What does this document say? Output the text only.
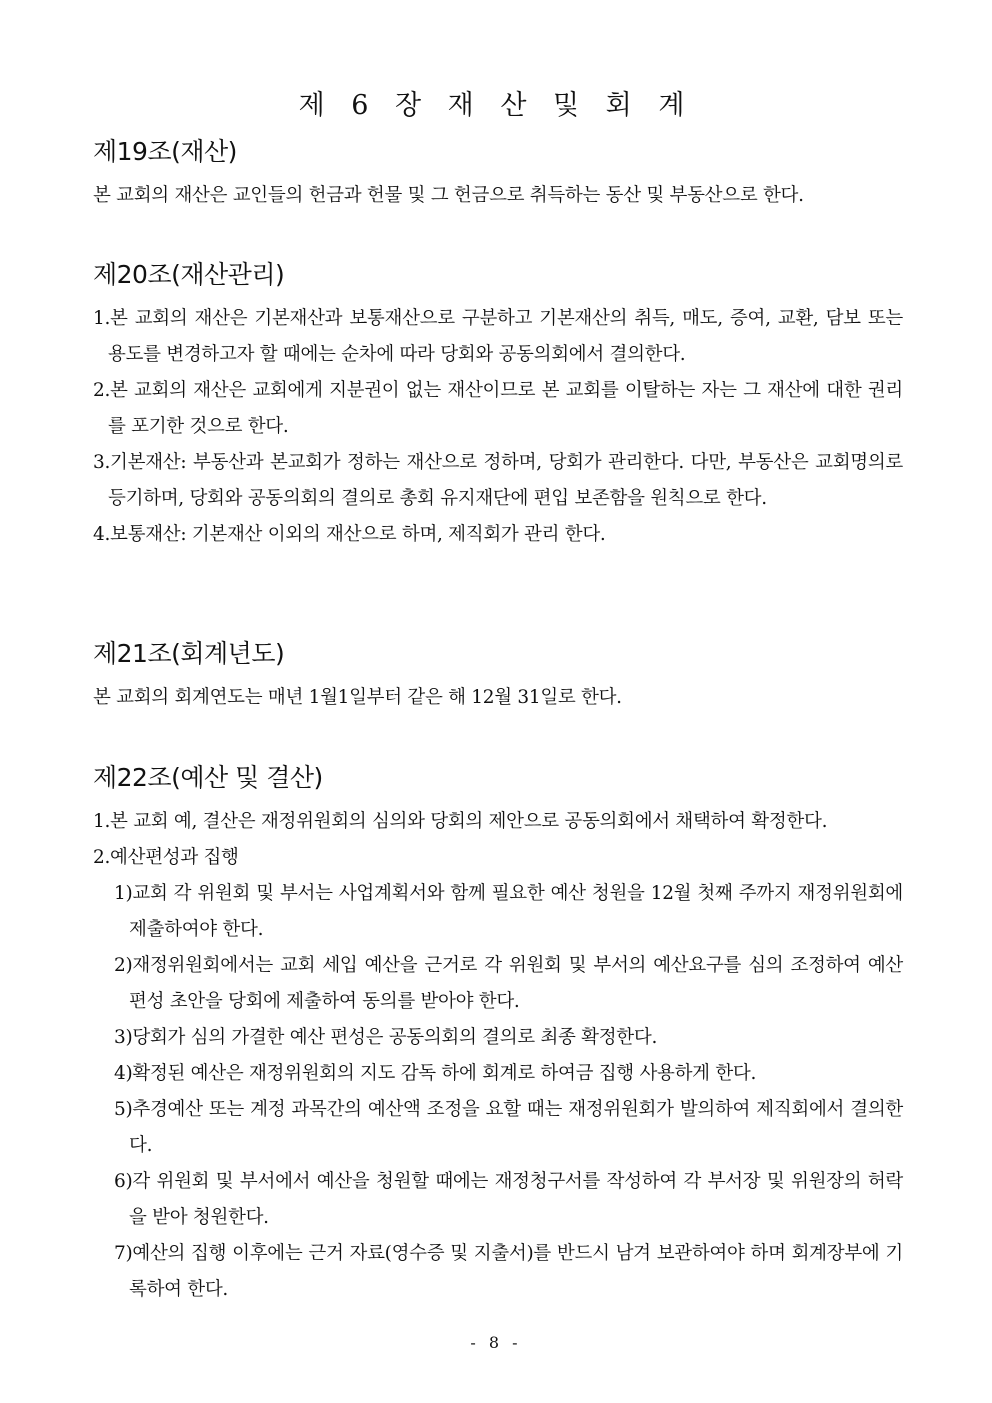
제 6 장 재 산 및 회 계
제19조(재산)

본 교회의 재산은 교인들의 헌금과 헌물 및 그 헌금으로 취득하는 동산 및 부동산으로 한다.

제20조(재산관리)

1.본 교회의 재산은 기본재산과 보통재산으로 구분하고 기본재산의 취득, 매도, 증여, 교환, 담보 또는 용도를 변경하고자 할 때에는 순차에 따라 당회와 공동의회에서 결의한다.

2.본 교회의 재산은 교회에게 지분권이 없는 재산이므로 본 교회를 이탈하는 자는 그 재산에 대한 권리를 포기한 것으로 한다.

3.기본재산: 부동산과 본교회가 정하는 재산으로 정하며, 당회가 관리한다. 다만, 부동산은 교회명의로 등기하며, 당회와 공동의회의 결의로 총회 유지재단에 편입 보존함을 원칙으로 한다.

4.보통재산: 기본재산 이외의 재산으로 하며, 제직회가 관리 한다.

제21조(회계년도)

본 교회의 회계연도는 매년 1월1일부터 같은 해 12월 31일로 한다.

제22조(예산 및 결산)

1.본 교회 예, 결산은 재정위원회의 심의와 당회의 제안으로 공동의회에서 채택하여 확정한다.

2.예산편성과 집행

1)교회 각 위원회 및 부서는 사업계획서와 함께 필요한 예산 청원을 12월 첫째 주까지 재정위원회에 제출하여야 한다.

2)재정위원회에서는 교회 세입 예산을 근거로 각 위원회 및 부서의 예산요구를 심의 조정하여 예산 편성 초안을 당회에 제출하여 동의를 받아야 한다.

3)당회가 심의 가결한 예산 편성은 공동의회의 결의로 최종 확정한다.

4)확정된 예산은 재정위원회의 지도 감독 하에 회계로 하여금 집행 사용하게 한다.

5)추경예산 또는 계정 과목간의 예산액 조정을 요할 때는 재정위원회가 발의하여 제직회에서 결의한다.

6)각 위원회 및 부서에서 예산을 청원할 때에는 재정청구서를 작성하여 각 부서장 및 위원장의 허락을 받아 청원한다.

7)예산의 집행 이후에는 근거 자료(영수증 및 지출서)를 반드시 남겨 보관하여야 하며 회계장부에 기록하여 한다.

- 8 -
